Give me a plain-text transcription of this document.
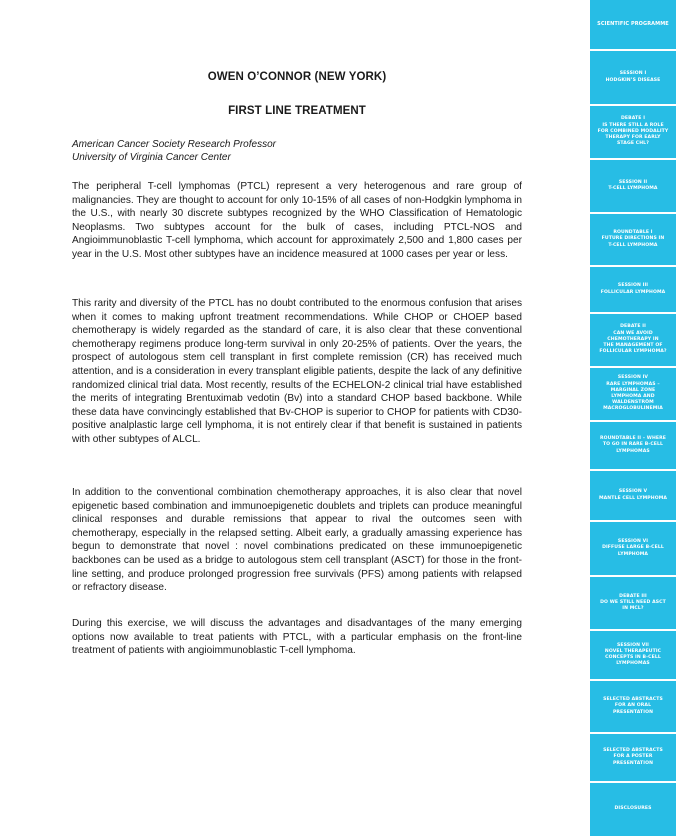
OWEN O’CONNOR (NEW YORK)
FIRST LINE TREATMENT
American Cancer Society Research Professor
University of Virginia Cancer Center

The peripheral T-cell lymphomas (PTCL) represent a very heterogenous and rare group of malignancies. They are thought to account for only 10-15% of all cases of non-Hodgkin lymphoma in the U.S., with nearly 30 discrete subtypes recognized by the WHO Classification of Hematologic Neoplasms. Two subtypes account for the bulk of cases, including PTCL-NOS and Angioimmunoblastic T-cell lymphoma, which account for approximately 2,500 and 1,800 cases per year in the U.S. Most other subtypes have an incidence measured at 1000 cases per year or less.

This rarity and diversity of the PTCL has no doubt contributed to the enormous confusion that arises when it comes to making upfront treatment recommendations. While CHOP or CHOEP based chemotherapy is widely regarded as the standard of care, it is also clear that these conventional chemotherapy regimens produce long-term survival in only 20-25% of patients. Over the years, the prospect of autologous stem cell transplant in first complete remission (CR) has received much attention, and is a consideration in every transplant eligible patients, despite the lack of any definitive randomized clinical trial data. Most recently, results of the ECHELON-2 clinical trial have established the merits of integrating Brentuximab vedotin (Bv) into a standard CHOP based backbone. While these data have convincingly established that Bv-CHOP is superior to CHOP for patients with CD30-positive analplastic large cell lymphoma, it is not entirely clear if that benefit is sustained in patients with other subtypes of ALCL.

In addition to the conventional combination chemotherapy approaches, it is also clear that novel epigenetic based combination and immunoepigenetic doublets and triplets can produce meaningful clinical responses and durable remissions that appear to rival the outcomes seen with chemotherapy, especially in the relapsed setting. Albeit early, a gradually amassing experience has begun to demonstrate that novel : novel combinations predicated on these immunoepigenetic backbones can be used as a bridge to autologous stem cell transplant (ASCT) for those in the front-line setting, and produce prolonged progression free survivals (PFS) among patients with relapsed or refractory disease.

During this exercise, we will discuss the advantages and disadvantages of the many emerging options now available to treat patients with PTCL, with a particular emphasis on the front-line treatment of patients with angioimmunoblastic T-cell lymphoma.

SCIENTIFIC PROGRAMME
SESSION I
HODGKIN’S DISEASE
DEBATE I
IS THERE STILL A ROLE
FOR COMBINED MODALITY
THERAPY FOR EARLY
STAGE CHL?
SESSION II
T-CELL LYMPHOMA
ROUNDTABLE I
FUTURE DIRECTIONS IN
T-CELL LYMPHOMA
SESSION III
FOLLICULAR LYMPHOMA
DEBATE II
CAN WE AVOID
CHEMOTHERAPY IN
THE MANAGEMENT OF
FOLLICULAR LYMPHOMA?
SESSION IV
RARE LYMPHOMAS –
MARGINAL ZONE
LYMPHOMA AND
WALDENSTRÖM
MACROGLOBULINEMIA
ROUNDTABLE II – WHERE
TO GO IN RARE B-CELL
LYMPHOMAS
SESSION V
MANTLE CELL LYMPHOMA
SESSION VI
DIFFUSE LARGE B-CELL
LYMPHOMA
DEBATE III
DO WE STILL NEED ASCT
IN MCL?
SESSION VII
NOVEL THERAPEUTIC
CONCEPTS IN B-CELL
LYMPHOMAS
SELECTED ABSTRACTS
FOR AN ORAL
PRESENTATION
SELECTED ABSTRACTS
FOR A POSTER
PRESENTATION
DISCLOSURES
